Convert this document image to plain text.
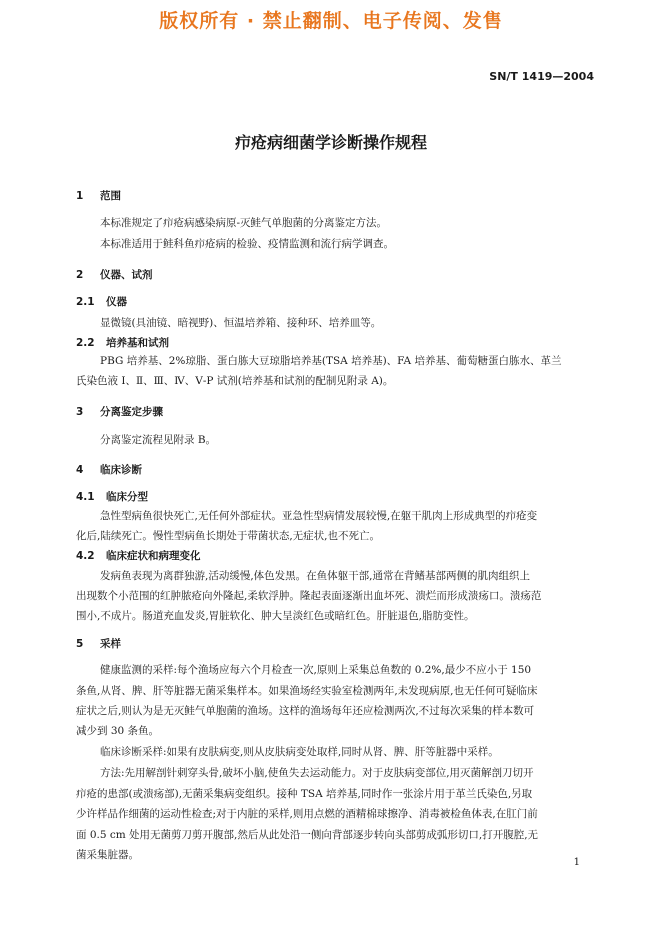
版权所有 · 禁止翻制、电子传阅、发售
SN/T 1419—2004
疖疮病细菌学诊断操作规程
1 范围
本标准规定了疖疮病感染病原-灭鲑气单胞菌的分离鉴定方法。
本标准适用于鲑科鱼疖疮病的检验、疫情监测和流行病学调查。
2 仪器、试剂
2.1 仪器
显微镜(具油镜、暗视野)、恒温培养箱、接种环、培养皿等。
2.2 培养基和试剂
PBG 培养基、2%琼脂、蛋白胨大豆琼脂培养基(TSA 培养基)、FA 培养基、葡萄糖蛋白胨水、革兰
氏染色液 Ⅰ、Ⅱ、Ⅲ、Ⅳ、Ⅴ-P 试剂(培养基和试剂的配制见附录 A)。
3 分离鉴定步骤
分离鉴定流程见附录 B。
4 临床诊断
4.1 临床分型
急性型病鱼很快死亡,无任何外部症状。亚急性型病情发展较慢,在躯干肌肉上形成典型的疖疮变
化后,陆续死亡。慢性型病鱼长期处于带菌状态,无症状,也不死亡。
4.2 临床症状和病理变化
发病鱼表现为离群独游,活动缓慢,体色发黑。在鱼体躯干部,通常在背鳍基部两侧的肌肉组织上
出现数个小范围的红肿脓疮向外隆起,柔软浮肿。隆起表面逐渐出血坏死、溃烂而形成溃疡口。溃疡范
围小,不成片。肠道充血发炎,胃脏软化、肿大呈淡红色或暗红色。肝脏退色,脂肪变性。
5 采样
健康监测的采样:每个渔场应每六个月检查一次,原则上采集总鱼数的 0.2%,最少不应小于 150
条鱼,从肾、脾、肝等脏器无菌采集样本。如果渔场经实验室检测两年,未发现病原,也无任何可疑临床
症状之后,则认为是无灭鲑气单胞菌的渔场。这样的渔场每年还应检测两次,不过每次采集的样本数可
减少到 30 条鱼。
临床诊断采样:如果有皮肤病变,则从皮肤病变处取样,同时从肾、脾、肝等脏器中采样。
方法:先用解剖针刺穿头骨,破坏小脑,使鱼失去运动能力。对于皮肤病变部位,用灭菌解剖刀切开
疖疮的患部(或溃疡部),无菌采集病变组织。接种 TSA 培养基,同时作一张涂片用于革兰氏染色,另取
少许样品作细菌的运动性检查;对于内脏的采样,则用点燃的酒精棉球擦净、消毒被检鱼体表,在肛门前
面 0.5 cm 处用无菌剪刀剪开腹部,然后从此处沿一侧向背部逐步转向头部剪成弧形切口,打开腹腔,无
菌采集脏器。
1
